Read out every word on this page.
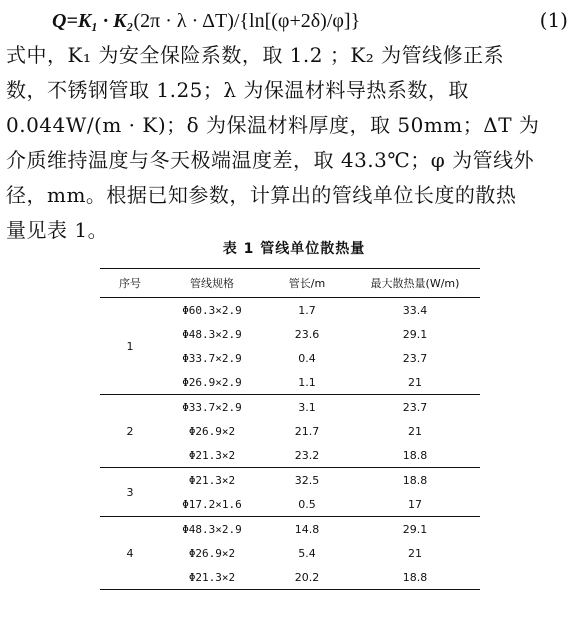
Q=K₁ · K₂(2π · λ · ΔT)/{ln[(φ+2δ)/φ]}	(1)

式中，K₁ 为安全保险系数，取 1.2 ；K₂ 为管线修正系

数，不锈钢管取 1.25；λ 为保温材料导热系数，取

0.044W/(m · K)；δ 为保温材料厚度，取 50mm；ΔT 为

介质维持温度与冬天极端温度差，取 43.3℃；φ 为管线外

径，mm。根据已知参数，计算出的管线单位长度的散热

量见表 1。

表 1 管线单位散热量
序号	管线规格	管长/m	最大散热量(W/m)
1	Φ60.3×2.9	1.7	33.4
	Φ48.3×2.9	23.6	29.1
	Φ33.7×2.9	0.4	23.7
	Φ26.9×2.9	1.1	21
2	Φ33.7×2.9	3.1	23.7
	Φ26.9×2	21.7	21
	Φ21.3×2	23.2	18.8
3	Φ21.3×2	32.5	18.8
	Φ17.2×1.6	0.5	17
4	Φ48.3×2.9	14.8	29.1
	Φ26.9×2	5.4	21
	Φ21.3×2	20.2	18.8
